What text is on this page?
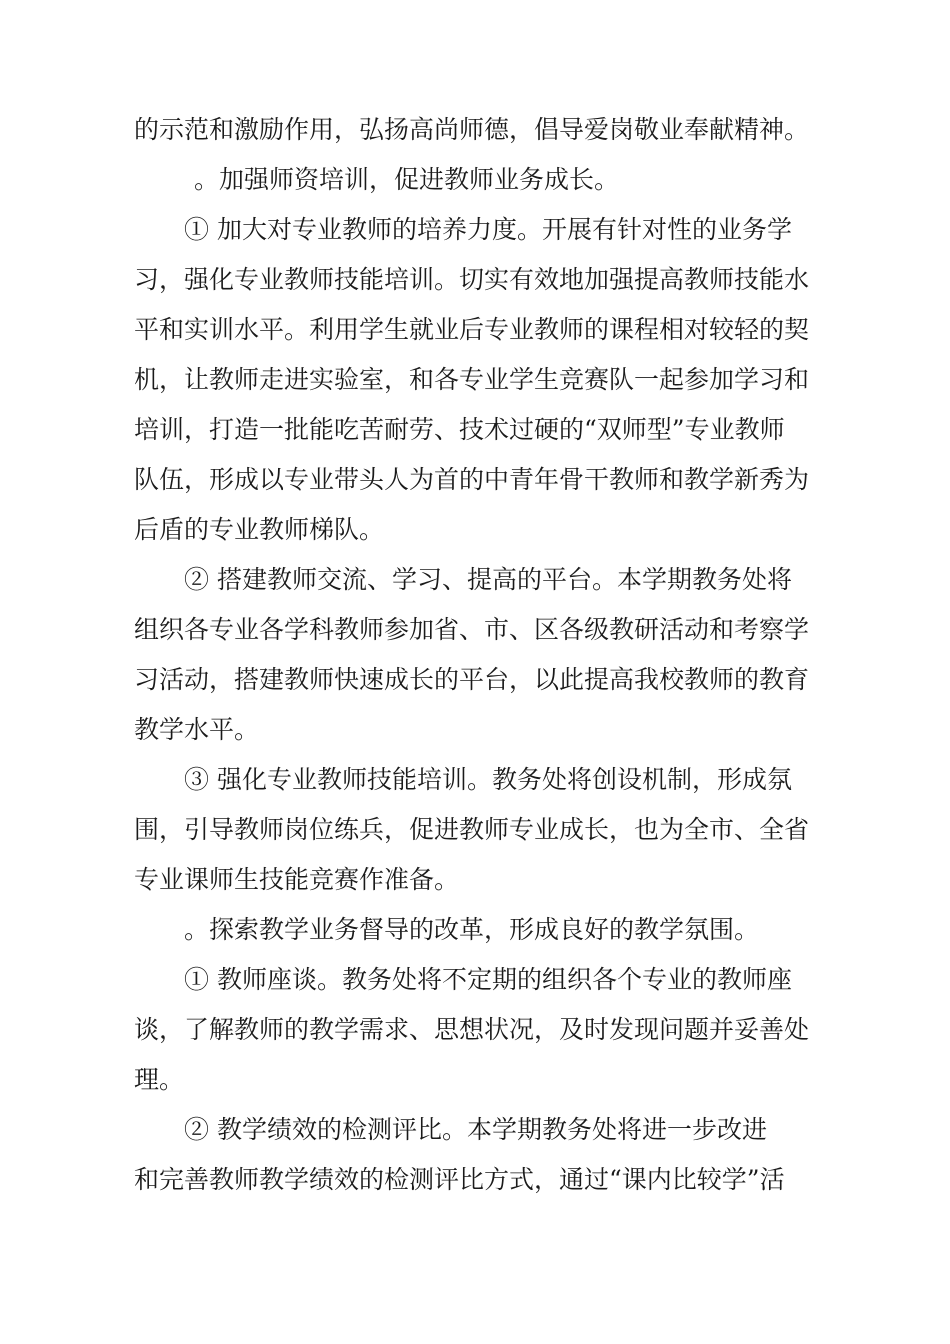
的示范和激励作用，弘扬高尚师德，倡导爱岗敬业奉献精神。
。加强师资培训，促进教师业务成长。
① 加大对专业教师的培养力度。开展有针对性的业务学
习，强化专业教师技能培训。切实有效地加强提高教师技能水
平和实训水平。利用学生就业后专业教师的课程相对较轻的契
机，让教师走进实验室，和各专业学生竞赛队一起参加学习和
培训，打造一批能吃苦耐劳、技术过硬的“双师型”专业教师
队伍，形成以专业带头人为首的中青年骨干教师和教学新秀为
后盾的专业教师梯队。
② 搭建教师交流、学习、提高的平台。本学期教务处将
组织各专业各学科教师参加省、市、区各级教研活动和考察学
习活动，搭建教师快速成长的平台，以此提高我校教师的教育
教学水平。
③ 强化专业教师技能培训。教务处将创设机制，形成氛
围，引导教师岗位练兵，促进教师专业成长，也为全市、全省
专业课师生技能竞赛作准备。
。探索教学业务督导的改革，形成良好的教学氛围。
① 教师座谈。教务处将不定期的组织各个专业的教师座
谈，了解教师的教学需求、思想状况，及时发现问题并妥善处
理。
② 教学绩效的检测评比。本学期教务处将进一步改进
和完善教师教学绩效的检测评比方式，通过“课内比较学”活
